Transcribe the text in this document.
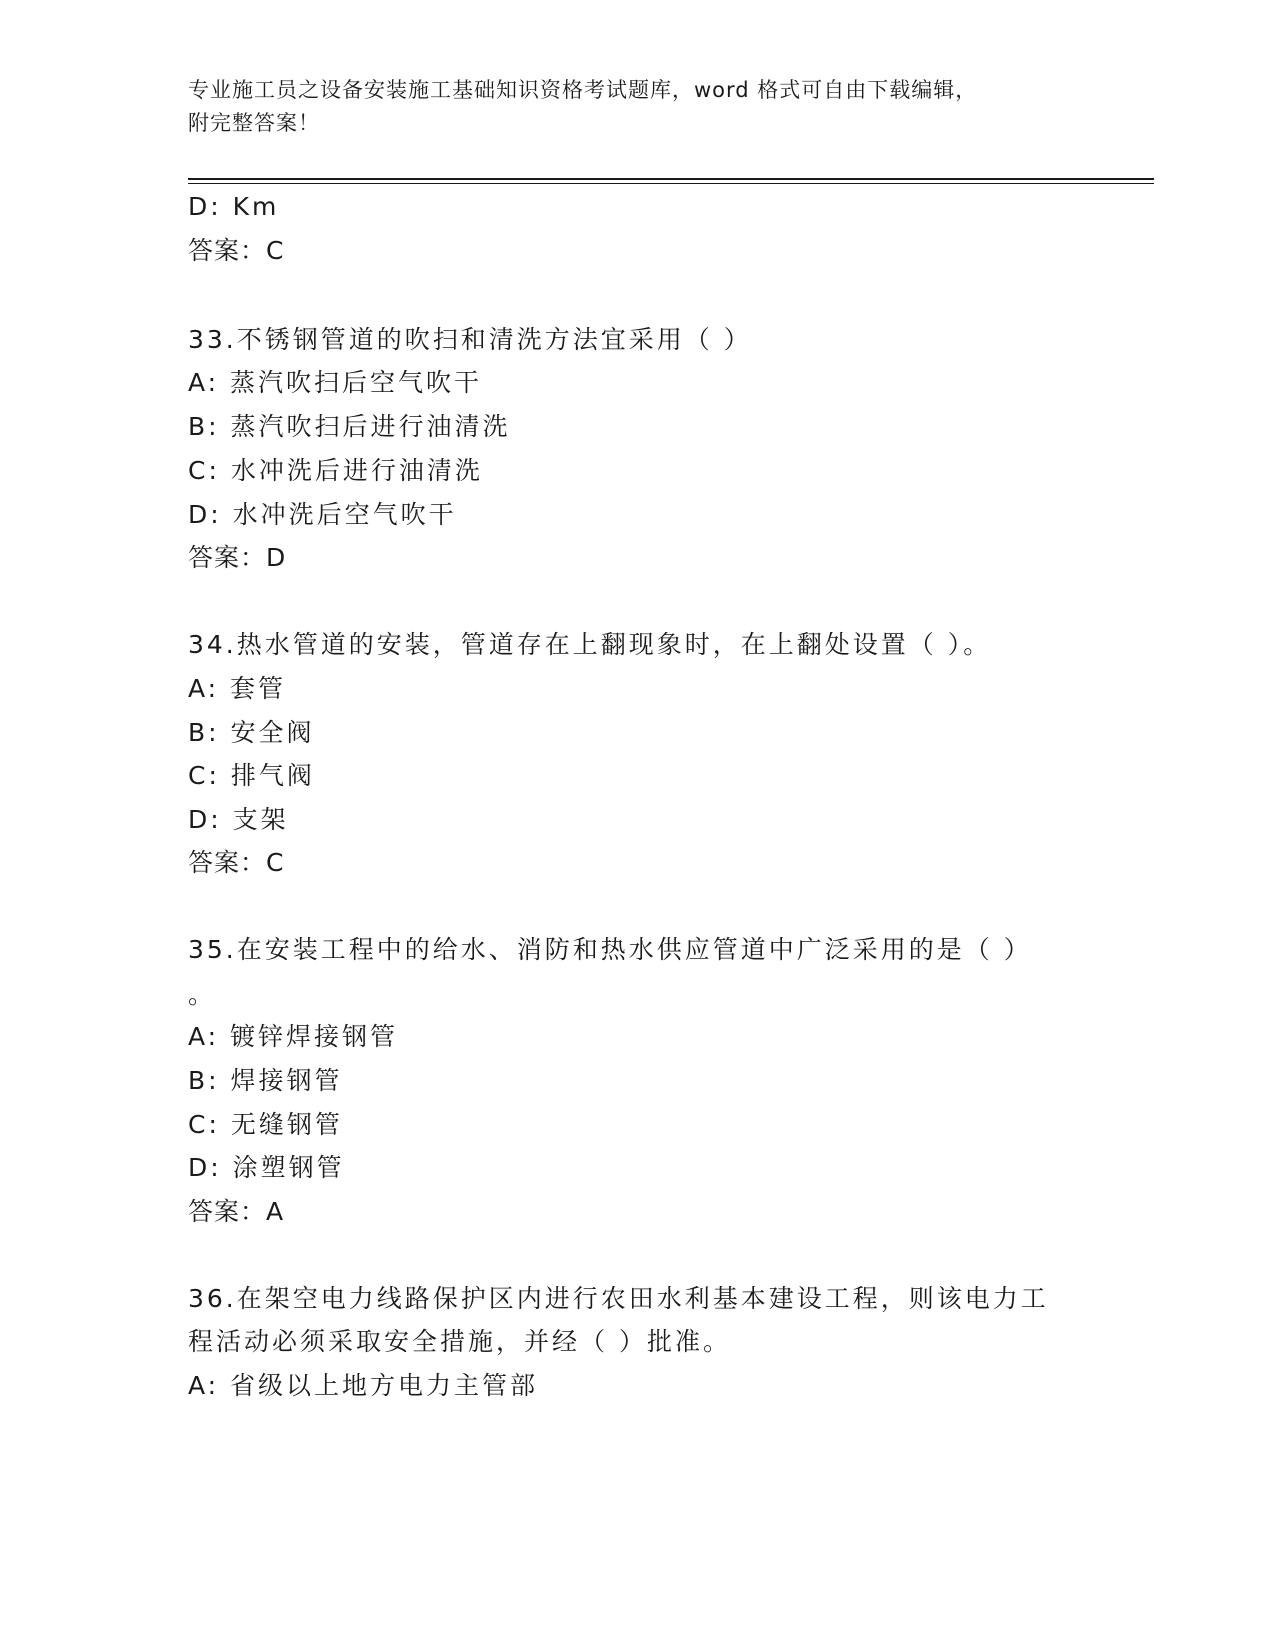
专业施工员之设备安装施工基础知识资格考试题库，word 格式可自由下载编辑，
附完整答案！
D: Km
答案：C
33.不锈钢管道的吹扫和清洗方法宜采用（ ）
A: 蒸汽吹扫后空气吹干
B: 蒸汽吹扫后进行油清洗
C: 水冲洗后进行油清洗
D: 水冲洗后空气吹干
答案：D
34.热水管道的安装，管道存在上翻现象时，在上翻处设置（ ）。
A: 套管
B: 安全阀
C: 排气阀
D: 支架
答案：C
35.在安装工程中的给水、消防和热水供应管道中广泛采用的是（ ）
。
A: 镀锌焊接钢管
B: 焊接钢管
C: 无缝钢管
D: 涂塑钢管
答案：A
36.在架空电力线路保护区内进行农田水利基本建设工程，则该电力工
程活动必须采取安全措施，并经（ ）批准。
A: 省级以上地方电力主管部
